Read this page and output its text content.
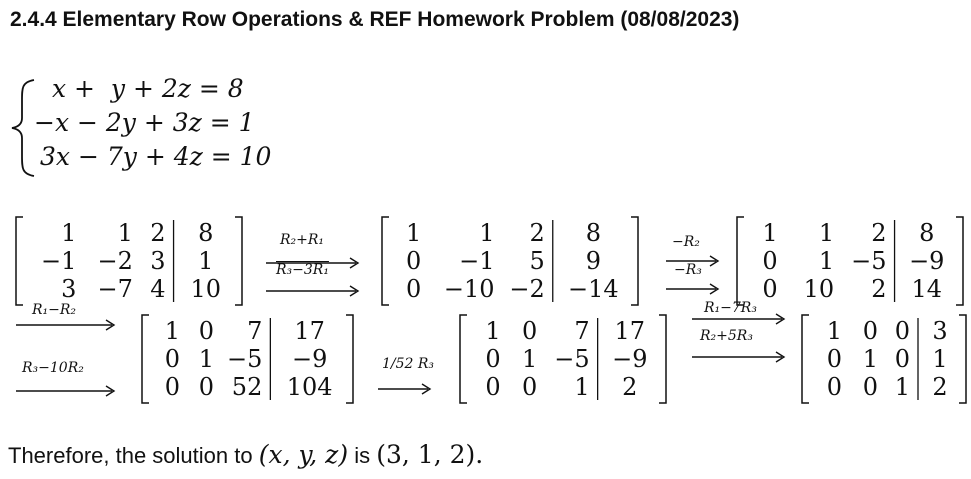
2.4.4 Elementary Row Operations & REF Homework Problem (08/08/2023)
x +  y + 2z = 8
−x − 2y + 3z = 1
3x − 7y + 4z = 10
1	1 2	8
−1 −2 3	1
3 −7 4	10
1	1	2	8
0	−1	5	9
0 −10 −2 −14
1	1	2	8
0	1 −5 −9
0	10	2	14
1 0	7	17
0 1 −5	−9
0 0 52	104
1 0	7	17
0 1 −5 −9
0 0	1	2
1 0 0 3
0 1 0 1
0 0 1 2
R₂+R₁
R₃−3R₁
−R₂
−R₃
R₁−R₂
R₃−10R₂	1/52 R₃
R₁−7R₃
R₂+5R₃
Therefore, the solution to (x, y, z) is (3, 1, 2).
